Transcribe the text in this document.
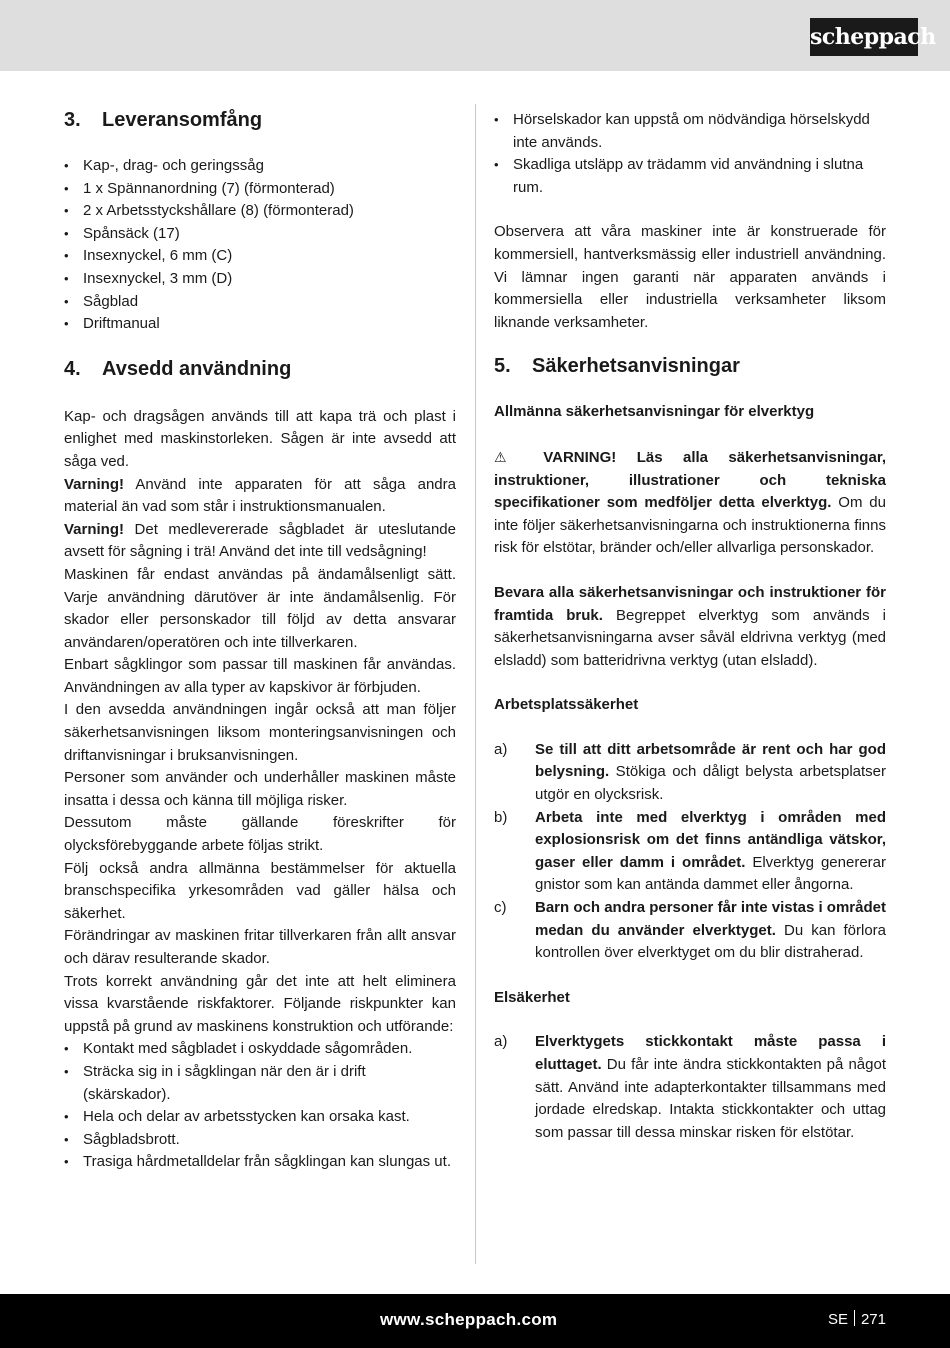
scheppach
3.	Leveransomfång
• Kap-, drag- och geringssåg
• 1 x Spännanordning (7) (förmonterad)
• 2 x Arbetsstyckshållare (8) (förmonterad)
• Spånsäck (17)
• Insexnyckel, 6 mm (C)
• Insexnyckel, 3 mm (D)
• Sågblad
• Driftmanual
4.	Avsedd användning

Kap- och dragsågen används till att kapa trä och plast i enlighet med maskinstorleken. Sågen är inte avsedd att såga ved.

Varning! Använd inte apparaten för att såga andra material än vad som står i instruktionsmanualen.

Varning! Det medlevererade sågbladet är uteslutande avsett för sågning i trä! Använd det inte till vedsågning!

Maskinen får endast användas på ändamålsenligt sätt. Varje användning därutöver är inte ändamålsenlig. För skador eller personskador till följd av detta ansvarar användaren/operatören och inte tillverkaren.

Enbart sågklingor som passar till maskinen får användas. Användningen av alla typer av kapskivor är förbjuden.

I den avsedda användningen ingår också att man följer säkerhetsanvisningen liksom monteringsanvisningen och driftanvisningar i bruksanvisningen.

Personer som använder och underhåller maskinen måste insatta i dessa och känna till möjliga risker.

Dessutom måste gällande föreskrifter för olycksförebyggande arbete följas strikt.

Följ också andra allmänna bestämmelser för aktuella branschspecifika yrkesområden vad gäller hälsa och säkerhet.

Förändringar av maskinen fritar tillverkaren från allt ansvar och därav resulterande skador.

Trots korrekt användning går det inte att helt eliminera vissa kvarstående riskfaktorer. Följande riskpunkter kan uppstå på grund av maskinens konstruktion och utförande:

• Kontakt med sågbladet i oskyddade sågområden.
• Sträcka sig in i sågklingan när den är i drift (skärskador).
• Hela och delar av arbetsstycken kan orsaka kast.
• Sågbladsbrott.
• Trasiga hårdmetalldelar från sågklingan kan slungas ut.
• Hörselskador kan uppstå om nödvändiga hörselskydd inte används.
• Skadliga utsläpp av trädamm vid användning i slutna rum.

Observera att våra maskiner inte är konstruerade för kommersiell, hantverksmässig eller industriell användning. Vi lämnar ingen garanti när apparaten används i kommersiella eller industriella verksamheter liksom liknande verksamheter.

5.	Säkerhetsanvisningar

Allmänna säkerhetsanvisningar för elverktyg

⚠ VARNING! Läs alla säkerhetsanvisningar, instruktioner, illustrationer och tekniska specifikationer som medföljer detta elverktyg. Om du inte följer säkerhetsanvisningarna och instruktionerna finns risk för elstötar, bränder och/eller allvarliga personskador.

Bevara alla säkerhetsanvisningar och instruktioner för framtida bruk. Begreppet elverktyg som används i säkerhetsanvisningarna avser såväl eldrivna verktyg (med elsladd) som batteridrivna verktyg (utan elsladd).

Arbetsplatssäkerhet

a)	Se till att ditt arbetsområde är rent och har god belysning. Stökiga och dåligt belysta arbetsplatser utgör en olycksrisk.
b)	Arbeta inte med elverktyg i områden med explosionsrisk om det finns antändliga vätskor, gaser eller damm i området. Elverktyg genererar gnistor som kan antända dammet eller ångorna.
c)	Barn och andra personer får inte vistas i området medan du använder elverktyget. Du kan förlora kontrollen över elverktyget om du blir distraherad.

Elsäkerhet

a)	Elverktygets stickkontakt måste passa i eluttaget. Du får inte ändra stickkontakten på något sätt. Använd inte adapterkontakter tillsammans med jordade elredskap. Intakta stickkontakter och uttag som passar till dessa minskar risken för elstötar.
www.scheppach.com	SE 271
